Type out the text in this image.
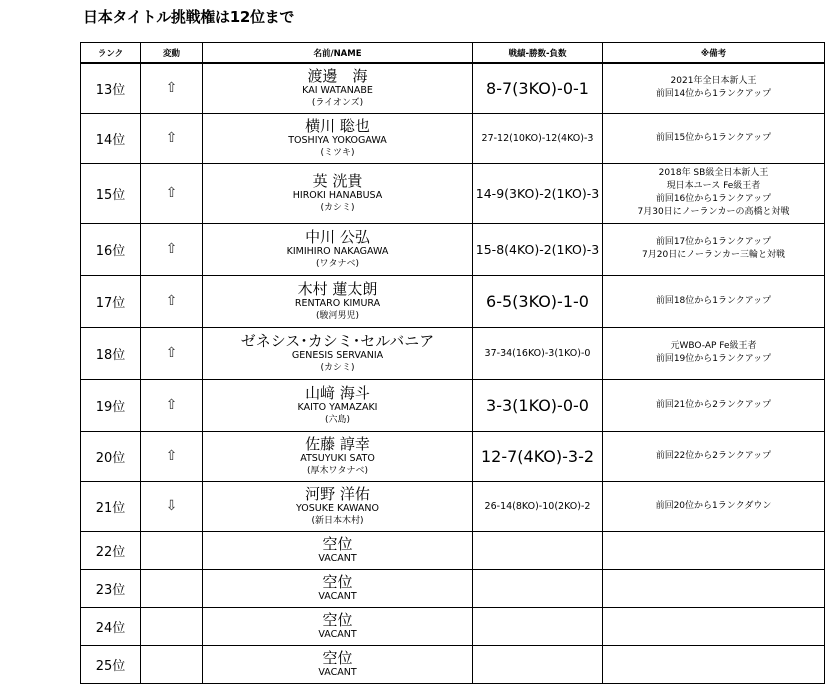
日本タイトル挑戦権は12位まで
ランク	変動	名前/NAME	戦績-勝数-負数	※備考
13位	⇧	渡邊　海
KAI WATANABE
(ライオンズ)	8-7(3KO)-0-1	2021年全日本新人王
前回14位から1ランクアップ

14位	⇧	横川 聡也
TOSHIYA YOKOGAWA
(ミツキ)	27-12(10KO)-12(4KO)-3	前回15位から1ランクアップ

15位	⇧	英 洸貴
HIROKI HANABUSA
(カシミ)	14-9(3KO)-2(1KO)-3	2018年 SB級全日本新人王
現日本ユース Fe級王者
前回16位から1ランクアップ
7月30日にノーランカーの高橋と対戦

16位	⇧	中川 公弘
KIMIHIRO NAKAGAWA
(ワタナベ)	15-8(4KO)-2(1KO)-3	前回17位から1ランクアップ
7月20日にノーランカー三輪と対戦

17位	⇧	木村 蓮太朗
RENTARO KIMURA
(駿河男児)	6-5(3KO)-1-0	前回18位から1ランクアップ

18位	⇧	ゼネシス･カシミ･セルバニア
GENESIS SERVANIA
(カシミ)	37-34(16KO)-3(1KO)-0	元WBO-AP Fe級王者
前回19位から1ランクアップ

19位	⇧	山﨑 海斗
KAITO YAMAZAKI
(六島)	3-3(1KO)-0-0	前回21位から2ランクアップ

20位	⇧	佐藤 諄幸
ATSUYUKI SATO
(厚木ワタナベ)	12-7(4KO)-3-2	前回22位から2ランクアップ

21位	⇩	河野 洋佑
YOSUKE KAWANO
(新日本木村)	26-14(8KO)-10(2KO)-2	前回20位から1ランクダウン

22位		空位
VACANT		

23位		空位
VACANT		

24位		空位
VACANT		

25位		空位
VACANT		
